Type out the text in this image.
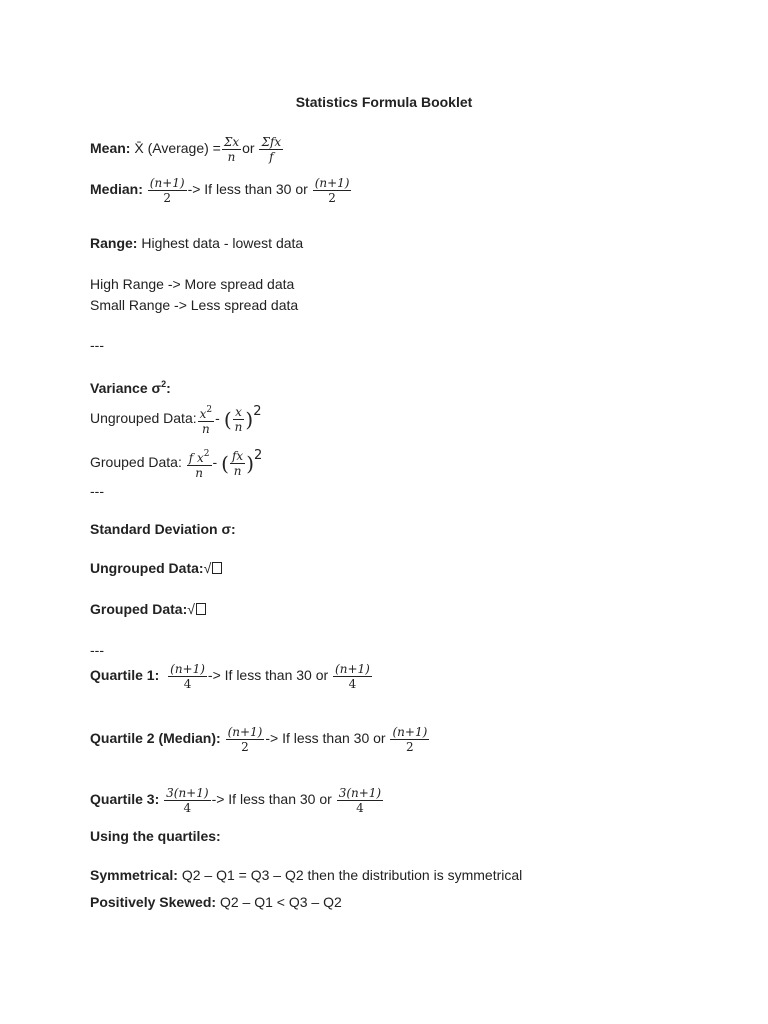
Statistics Formula Booklet
Mean: X̄ (Average) = $\frac{\Sigma x}{n}$ or $\frac{\text{Σfx}}{f}$
Median: $\frac{(n+1)}{2} -> If$ less than 30 or $\frac{(n+1)}{2}$
Range: Highest data - lowest data
High Range -> More spread data
Small Range -> Less spread data
---
Variance $\sigma^2$:
Ungrouped Data: $\frac{x^2}{n}$ - ( $\frac{x}{n} )2$
Grouped Data: $\frac{f x^2}{n}$ - ( $\frac{fx}{n} )2$
---
Standard Deviation σ:
Ungrouped Data:√
Grouped Data:√
---
Quartile 1: $\frac{(n+1)}{4} -> If$ less than 30 or $\frac{(n+1)}{4}$
Quartile 2 (Median): $\frac{(n+1)}{2} -> If$ less than 30 or $\frac{(n+1)}{2}$
Quartile 3: $\frac{3(n+1)}{4} -> If$ less than 30 or $\frac{3(n+1)}{4}$
Using the quartiles:
Symmetrical: Q2 – Q1 = Q3 – Q2 then the distribution is symmetrical
Positively Skewed: Q2 – Q1 < Q3 – Q2
